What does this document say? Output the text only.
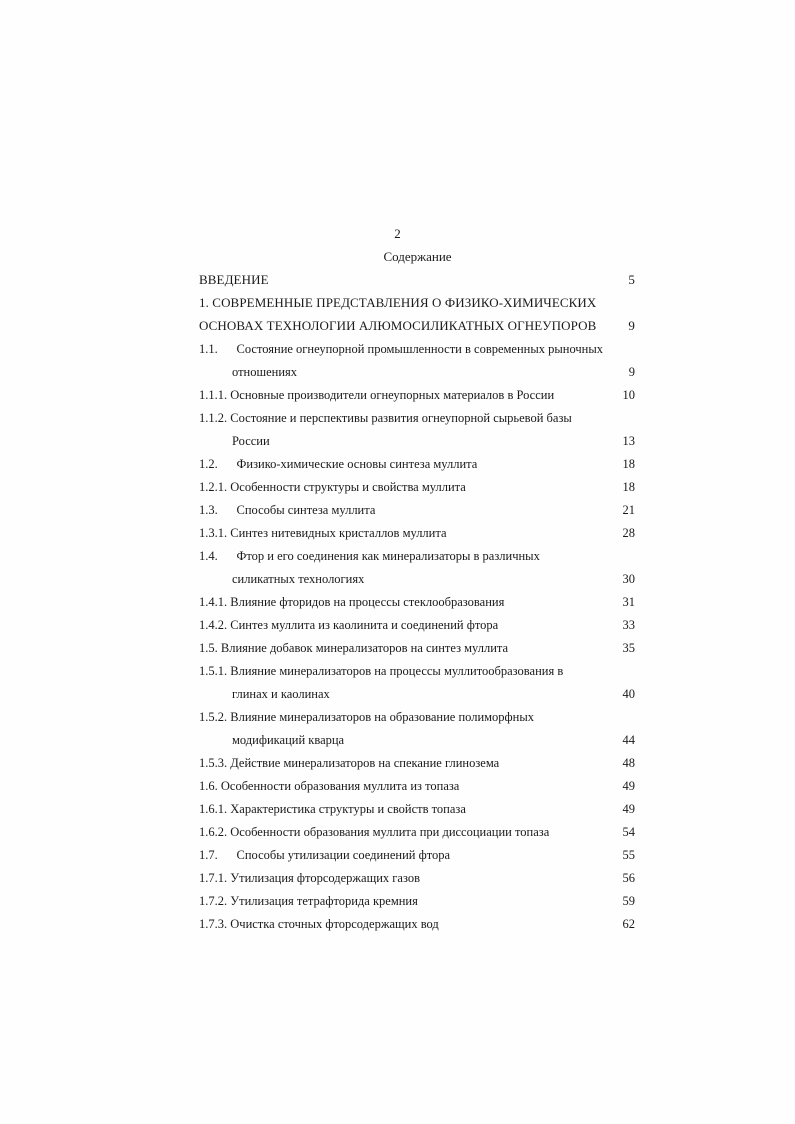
2
Содержание
ВВЕДЕНИЕ	5
1. СОВРЕМЕННЫЕ ПРЕДСТАВЛЕНИЯ О ФИЗИКО-ХИМИЧЕСКИХ
ОСНОВАХ ТЕХНОЛОГИИ АЛЮМОСИЛИКАТНЫХ ОГНЕУПОРОВ 9
1.1.      Состояние огнеупорной промышленности в современных рыночных
отношениях	9
1.1.1. Основные производители огнеупорных материалов в России	10
1.1.2. Состояние и перспективы развития огнеупорной сырьевой базы
России	13
1.2.      Физико-химические основы синтеза муллита	18
1.2.1. Особенности структуры и свойства муллита	18
1.3.      Способы синтеза муллита	21
1.3.1. Синтез нитевидных кристаллов муллита	28
1.4.      Фтор и его соединения как минерализаторы в различных
силикатных технологиях	30
1.4.1. Влияние фторидов на процессы стеклообразования	31
1.4.2. Синтез муллита из каолинита и соединений фтора	33
1.5. Влияние добавок минерализаторов на синтез муллита	35
1.5.1. Влияние минерализаторов на процессы муллитообразования в
глинах и каолинах	40
1.5.2. Влияние минерализаторов на образование полиморфных
модификаций кварца	44
1.5.3. Действие минерализаторов на спекание глинозема	48
1.6. Особенности образования муллита из топаза	49
1.6.1. Характеристика структуры и свойств топаза	49
1.6.2. Особенности образования муллита при диссоциации топаза	54
1.7.      Способы утилизации соединений фтора	55
1.7.1. Утилизация фторсодержащих газов	56
1.7.2. Утилизация тетрафторида кремния	59
1.7.3. Очистка сточных фторсодержащих вод	62
